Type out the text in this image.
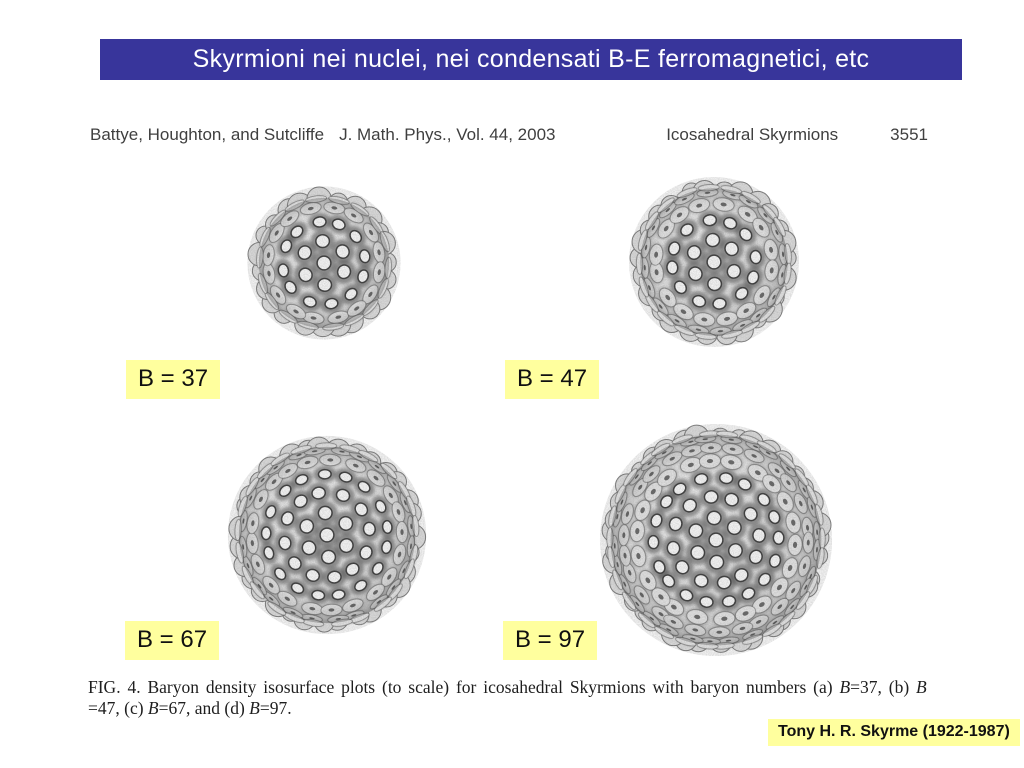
Skyrmioni nei nuclei, nei condensati B-E ferromagnetici, etc
Battye, Houghton, and Sutcliffe J. Math. Phys., Vol. 44, 2003	Icosahedral Skyrmions	3551
B = 37	B = 47
B = 67	B = 97
FIG. 4. Baryon density isosurface plots (to scale) for icosahedral Skyrmions with baryon numbers (a) B=37, (b) B
=47, (c) B=67, and (d) B=97.
Tony H. R. Skyrme (1922-1987)
